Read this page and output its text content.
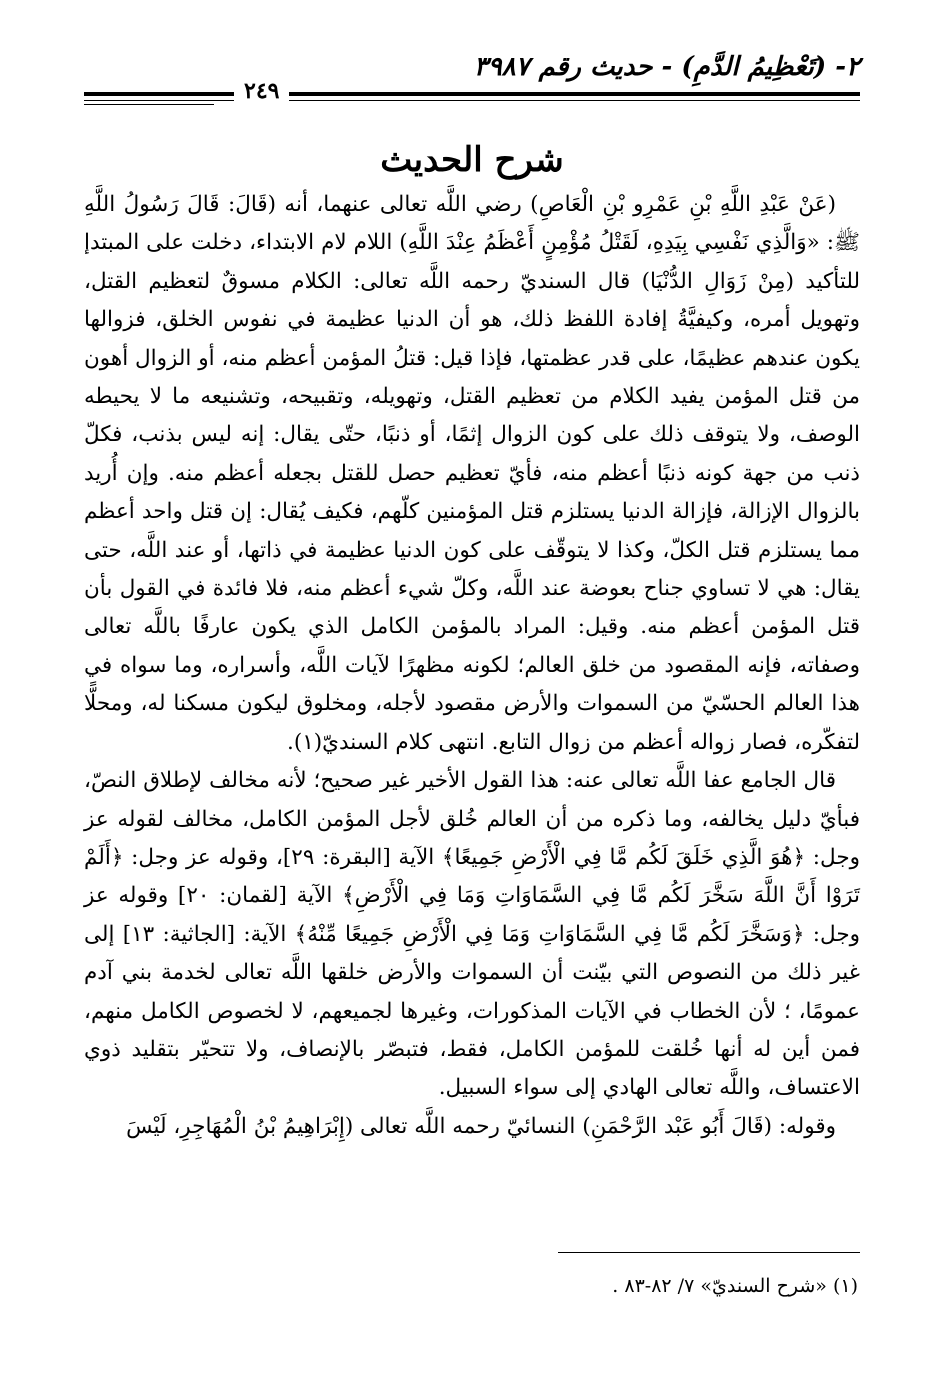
٢- (تَعْظِيمُ الدَّمِ) - حديث رقم ٣٩٨٧
٢٤٩
شرح الحديث

(عَنْ عَبْدِ اللَّهِ بْنِ عَمْرِو بْنِ الْعَاصِ) رضي اللَّه تعالى عنهما، أنه (قَالَ: قَالَ رَسُولُ اللَّهِ ﷺ: «وَالَّذِي نَفْسِي بِيَدِهِ، لَقَتْلُ مُؤْمِنٍ أَعْظَمُ عِنْدَ اللَّهِ) اللام لام الابتداء، دخلت على المبتدإ للتأكيد (مِنْ زَوَالِ الدُّنْيَا) قال السنديّ رحمه اللَّه تعالى: الكلام مسوقٌ لتعظيم القتل، وتهويل أمره، وكيفيَّةُ إفادة اللفظ ذلك، هو أن الدنيا عظيمة في نفوس الخلق، فزوالها يكون عندهم عظيمًا، على قدر عظمتها، فإذا قيل: قتلُ المؤمن أعظم منه، أو الزوال أهون من قتل المؤمن يفيد الكلام من تعظيم القتل، وتهويله، وتقبيحه، وتشنيعه ما لا يحيطه الوصف، ولا يتوقف ذلك على كون الزوال إثمًا، أو ذنبًا، حتّى يقال: إنه ليس بذنب، فكلّ ذنب من جهة كونه ذنبًا أعظم منه، فأيّ تعظيم حصل للقتل بجعله أعظم منه. وإن أُريد بالزوال الإزالة، فإزالة الدنيا يستلزم قتل المؤمنين كلّهم، فكيف يُقال: إن قتل واحد أعظم مما يستلزم قتل الكلّ، وكذا لا يتوقّف على كون الدنيا عظيمة في ذاتها، أو عند اللَّه، حتى يقال: هي لا تساوي جناح بعوضة عند اللَّه، وكلّ شيء أعظم منه، فلا فائدة في القول بأن قتل المؤمن أعظم منه. وقيل: المراد بالمؤمن الكامل الذي يكون عارفًا باللَّه تعالى وصفاته، فإنه المقصود من خلق العالم؛ لكونه مظهرًا لآيات اللَّه، وأسراره، وما سواه في هذا العالم الحسّيّ من السموات والأرض مقصود لأجله، ومخلوق ليكون مسكنا له، ومحلًّا لتفكّره، فصار زواله أعظم من زوال التابع. انتهى كلام السنديّ(١).

قال الجامع عفا اللَّه تعالى عنه: هذا القول الأخير غير صحيح؛ لأنه مخالف لإطلاق النصّ، فبأيّ دليل يخالفه، وما ذكره من أن العالم خُلق لأجل المؤمن الكامل، مخالف لقوله عز وجل: ﴿هُوَ الَّذِي خَلَقَ لَكُم مَّا فِي الْأَرْضِ جَمِيعًا﴾ الآية [البقرة: ٢٩]، وقوله عز وجل: ﴿أَلَمْ تَرَوْا أَنَّ اللَّهَ سَخَّرَ لَكُم مَّا فِي السَّمَاوَاتِ وَمَا فِي الْأَرْضِ﴾ الآية [لقمان: ٢٠] وقوله عز وجل: ﴿وَسَخَّرَ لَكُم مَّا فِي السَّمَاوَاتِ وَمَا فِي الْأَرْضِ جَمِيعًا مِّنْهُ﴾ الآية: [الجاثية: ١٣] إلى غير ذلك من النصوص التي بيّنت أن السموات والأرض خلقها اللَّه تعالى لخدمة بني آدم عمومًا، ؛ لأن الخطاب في الآيات المذكورات، وغيرها لجميعهم، لا لخصوص الكامل منهم، فمن أين له أنها خُلقت للمؤمن الكامل، فقط، فتبصّر بالإنصاف، ولا تتحيّر بتقليد ذوي الاعتساف، واللَّه تعالى الهادي إلى سواء السبيل.

وقوله: (قَالَ أَبُو عَبْد الرَّحْمَنِ) النسائيّ رحمه اللَّه تعالى (إِبْرَاهِيمُ بْنُ الْمُهَاجِرِ، لَيْسَ

(١) «شرح السنديّ» ٧/ ٨٢-٨٣ .
